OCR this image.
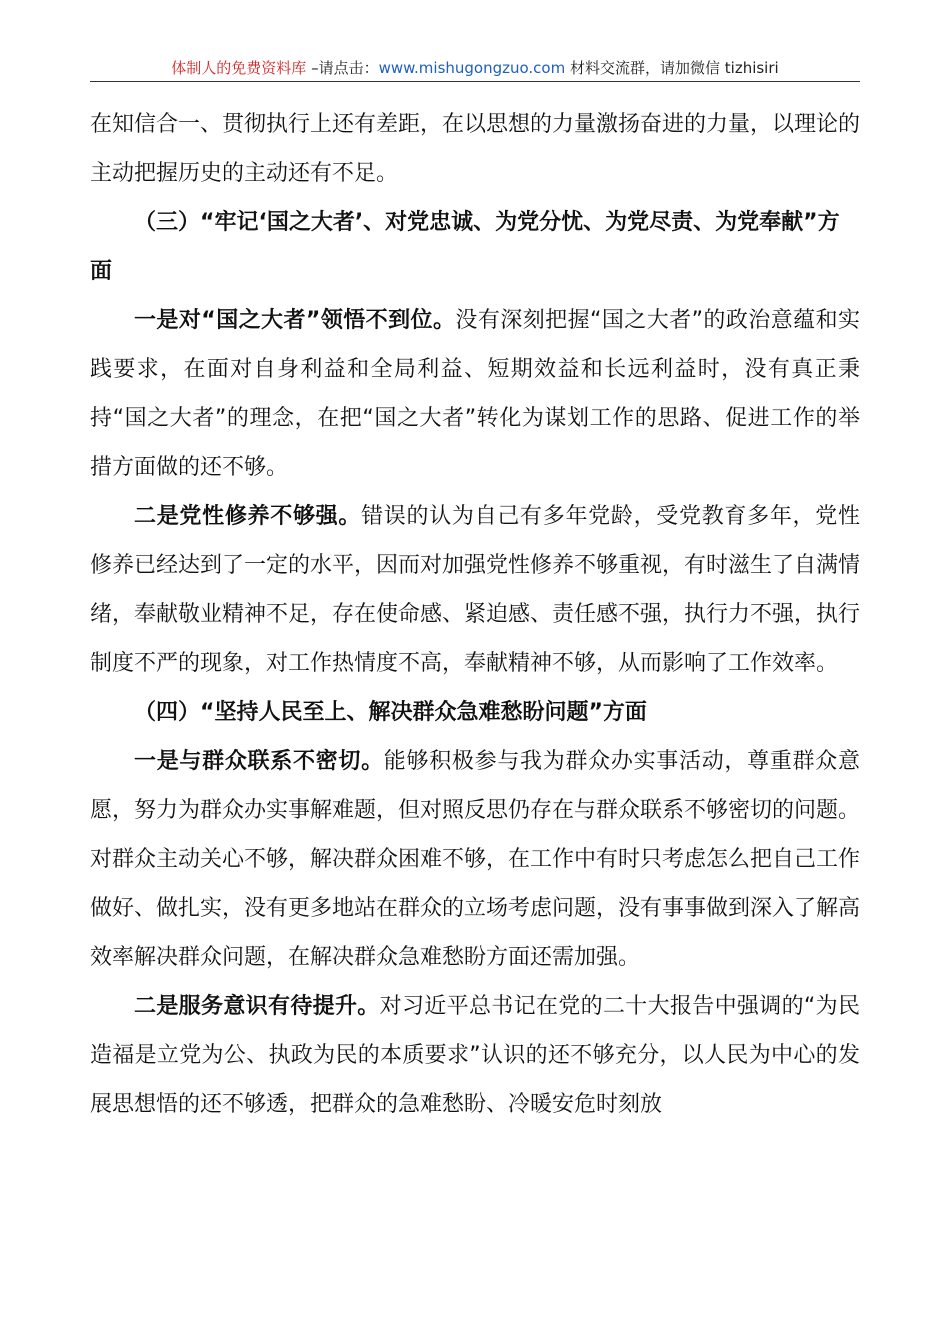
体制人的免费资料库 –请点击：www.mishugongzuo.com 材料交流群，请加微信 tizhisiri

在知信合一、贯彻执行上还有差距，在以思想的力量激扬奋进的力量，以理论的主动把握历史的主动还有不足。

（三）“牢记‘国之大者’、对党忠诚、为党分忧、为党尽责、为党奉献”方面

一是对“国之大者”领悟不到位。没有深刻把握“国之大者”的政治意蕴和实践要求，在面对自身利益和全局利益、短期效益和长远利益时，没有真正秉持“国之大者”的理念，在把“国之大者”转化为谋划工作的思路、促进工作的举措方面做的还不够。

二是党性修养不够强。错误的认为自己有多年党龄，受党教育多年，党性修养已经达到了一定的水平，因而对加强党性修养不够重视，有时滋生了自满情绪，奉献敬业精神不足，存在使命感、紧迫感、责任感不强，执行力不强，执行制度不严的现象，对工作热情度不高，奉献精神不够，从而影响了工作效率。

（四）“坚持人民至上、解决群众急难愁盼问题”方面

一是与群众联系不密切。能够积极参与我为群众办实事活动，尊重群众意愿，努力为群众办实事解难题，但对照反思仍存在与群众联系不够密切的问题。对群众主动关心不够，解决群众困难不够，在工作中有时只考虑怎么把自己工作做好、做扎实，没有更多地站在群众的立场考虑问题，没有事事做到深入了解高效率解决群众问题，在解决群众急难愁盼方面还需加强。

二是服务意识有待提升。对习近平总书记在党的二十大报告中强调的“为民造福是立党为公、执政为民的本质要求”认识的还不够充分，以人民为中心的发展思想悟的还不够透，把群众的急难愁盼、冷暖安危时刻放
